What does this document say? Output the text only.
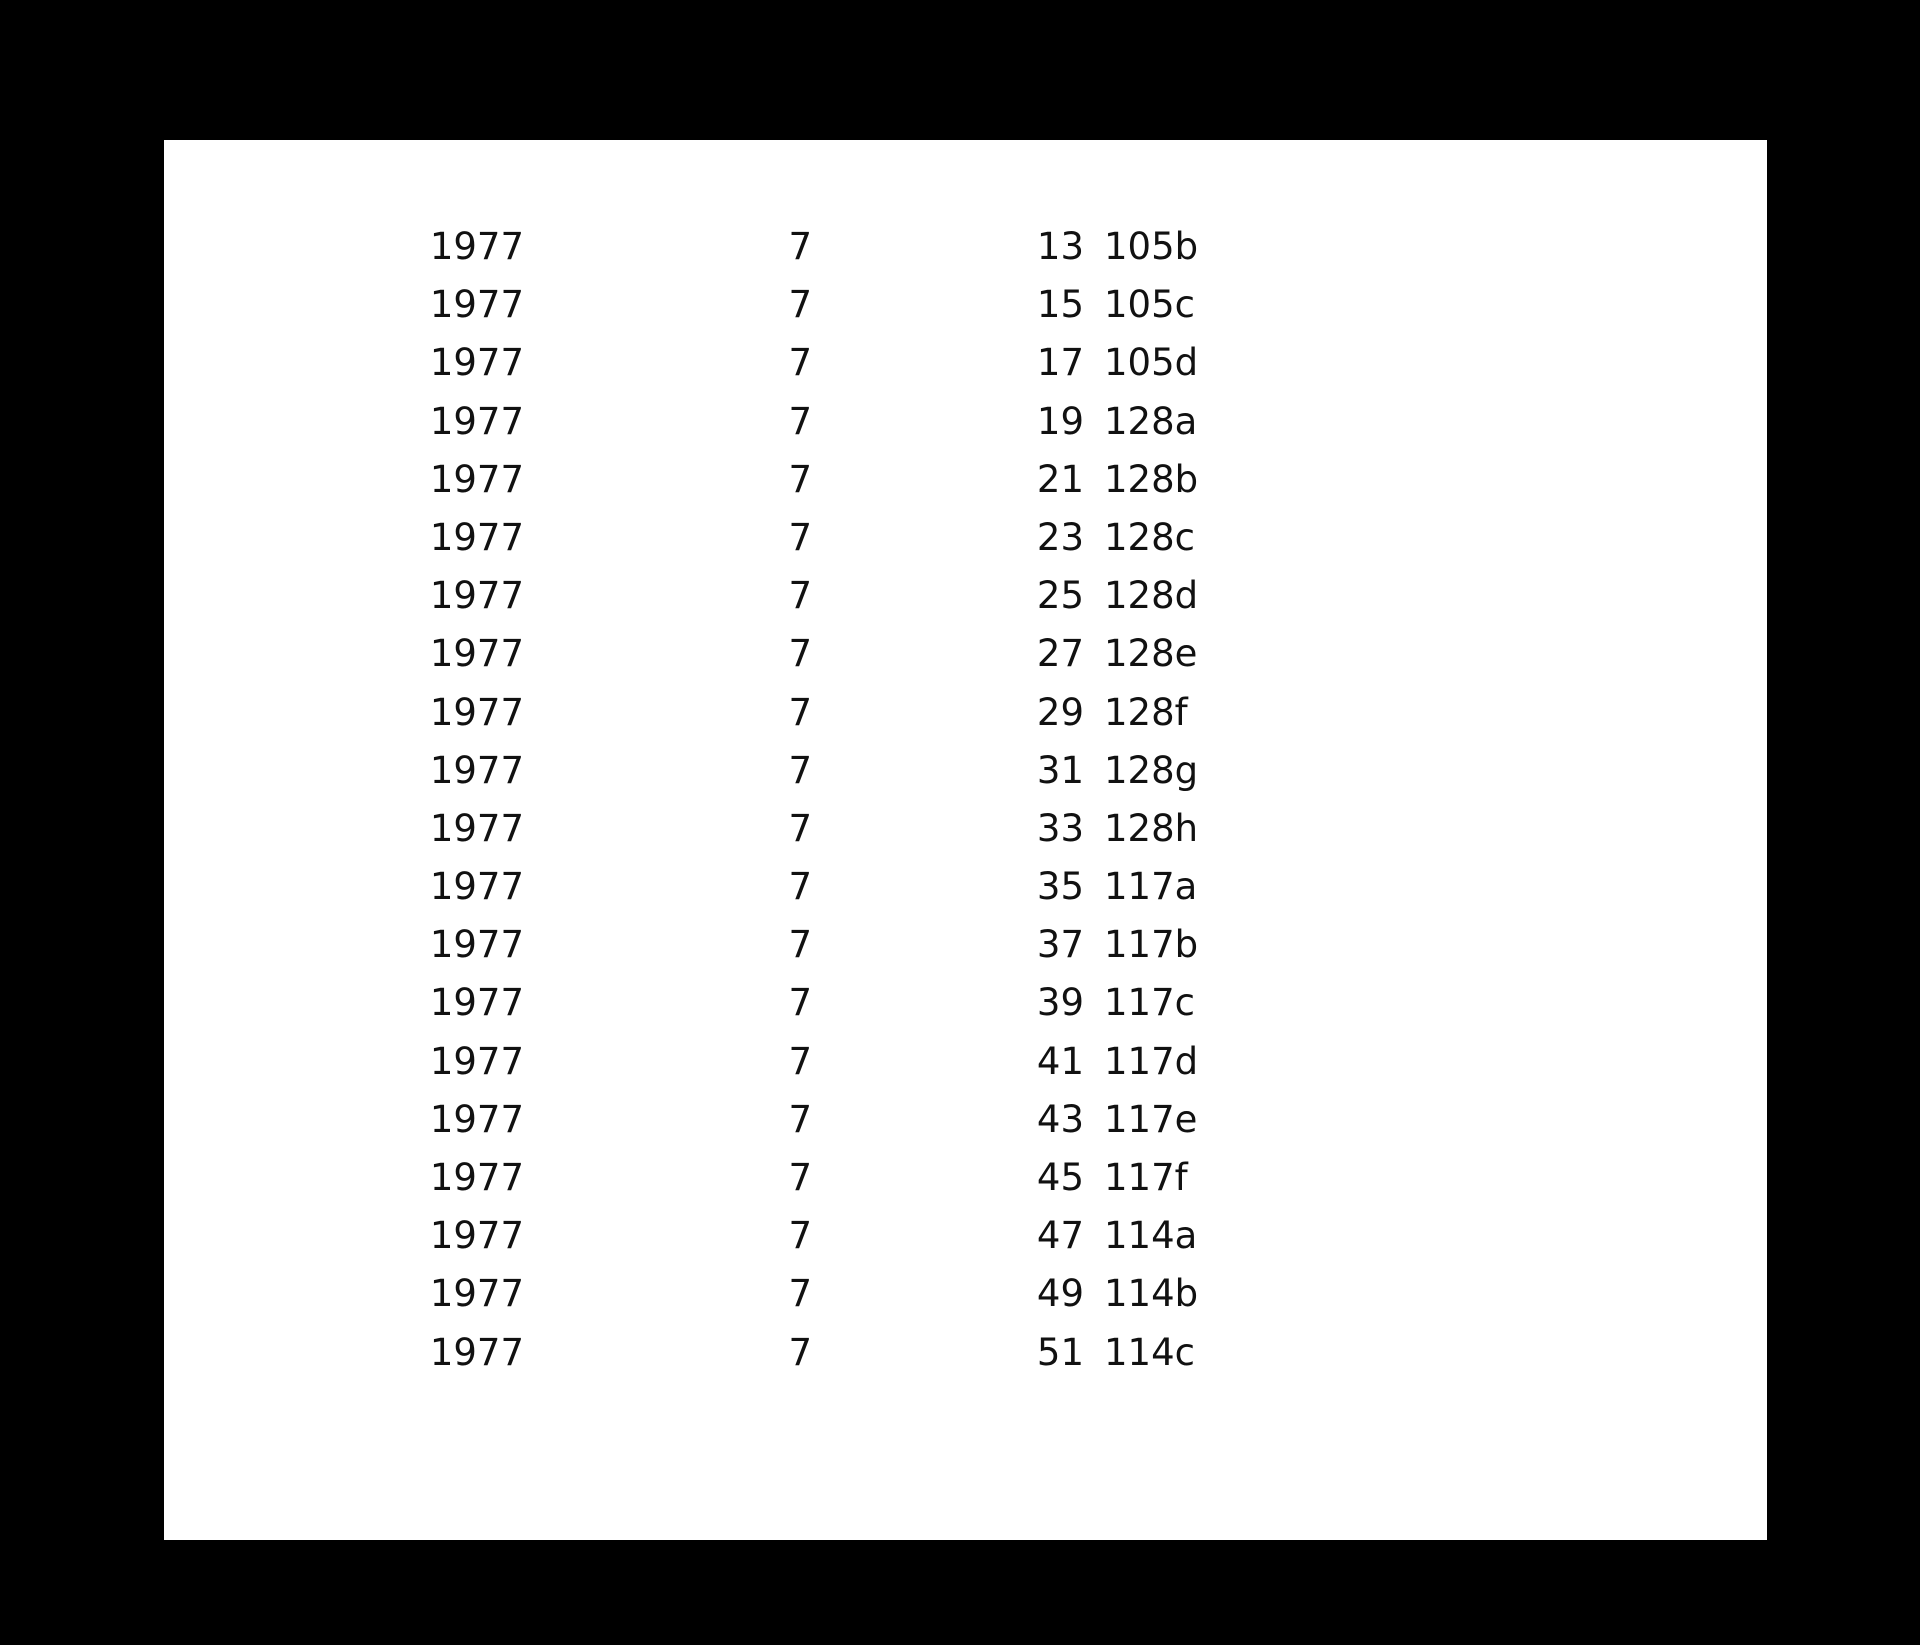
1977	7	13 105b
1977	7	15 105c
1977	7	17 105d
1977	7	19 128a
1977	7	21 128b
1977	7	23 128c
1977	7	25 128d
1977	7	27 128e
1977	7	29 128f
1977	7	31 128g
1977	7	33 128h
1977	7	35 117a
1977	7	37 117b
1977	7	39 117c
1977	7	41 117d
1977	7	43 117e
1977	7	45 117f
1977	7	47 114a
1977	7	49 114b
1977	7	51 114c
